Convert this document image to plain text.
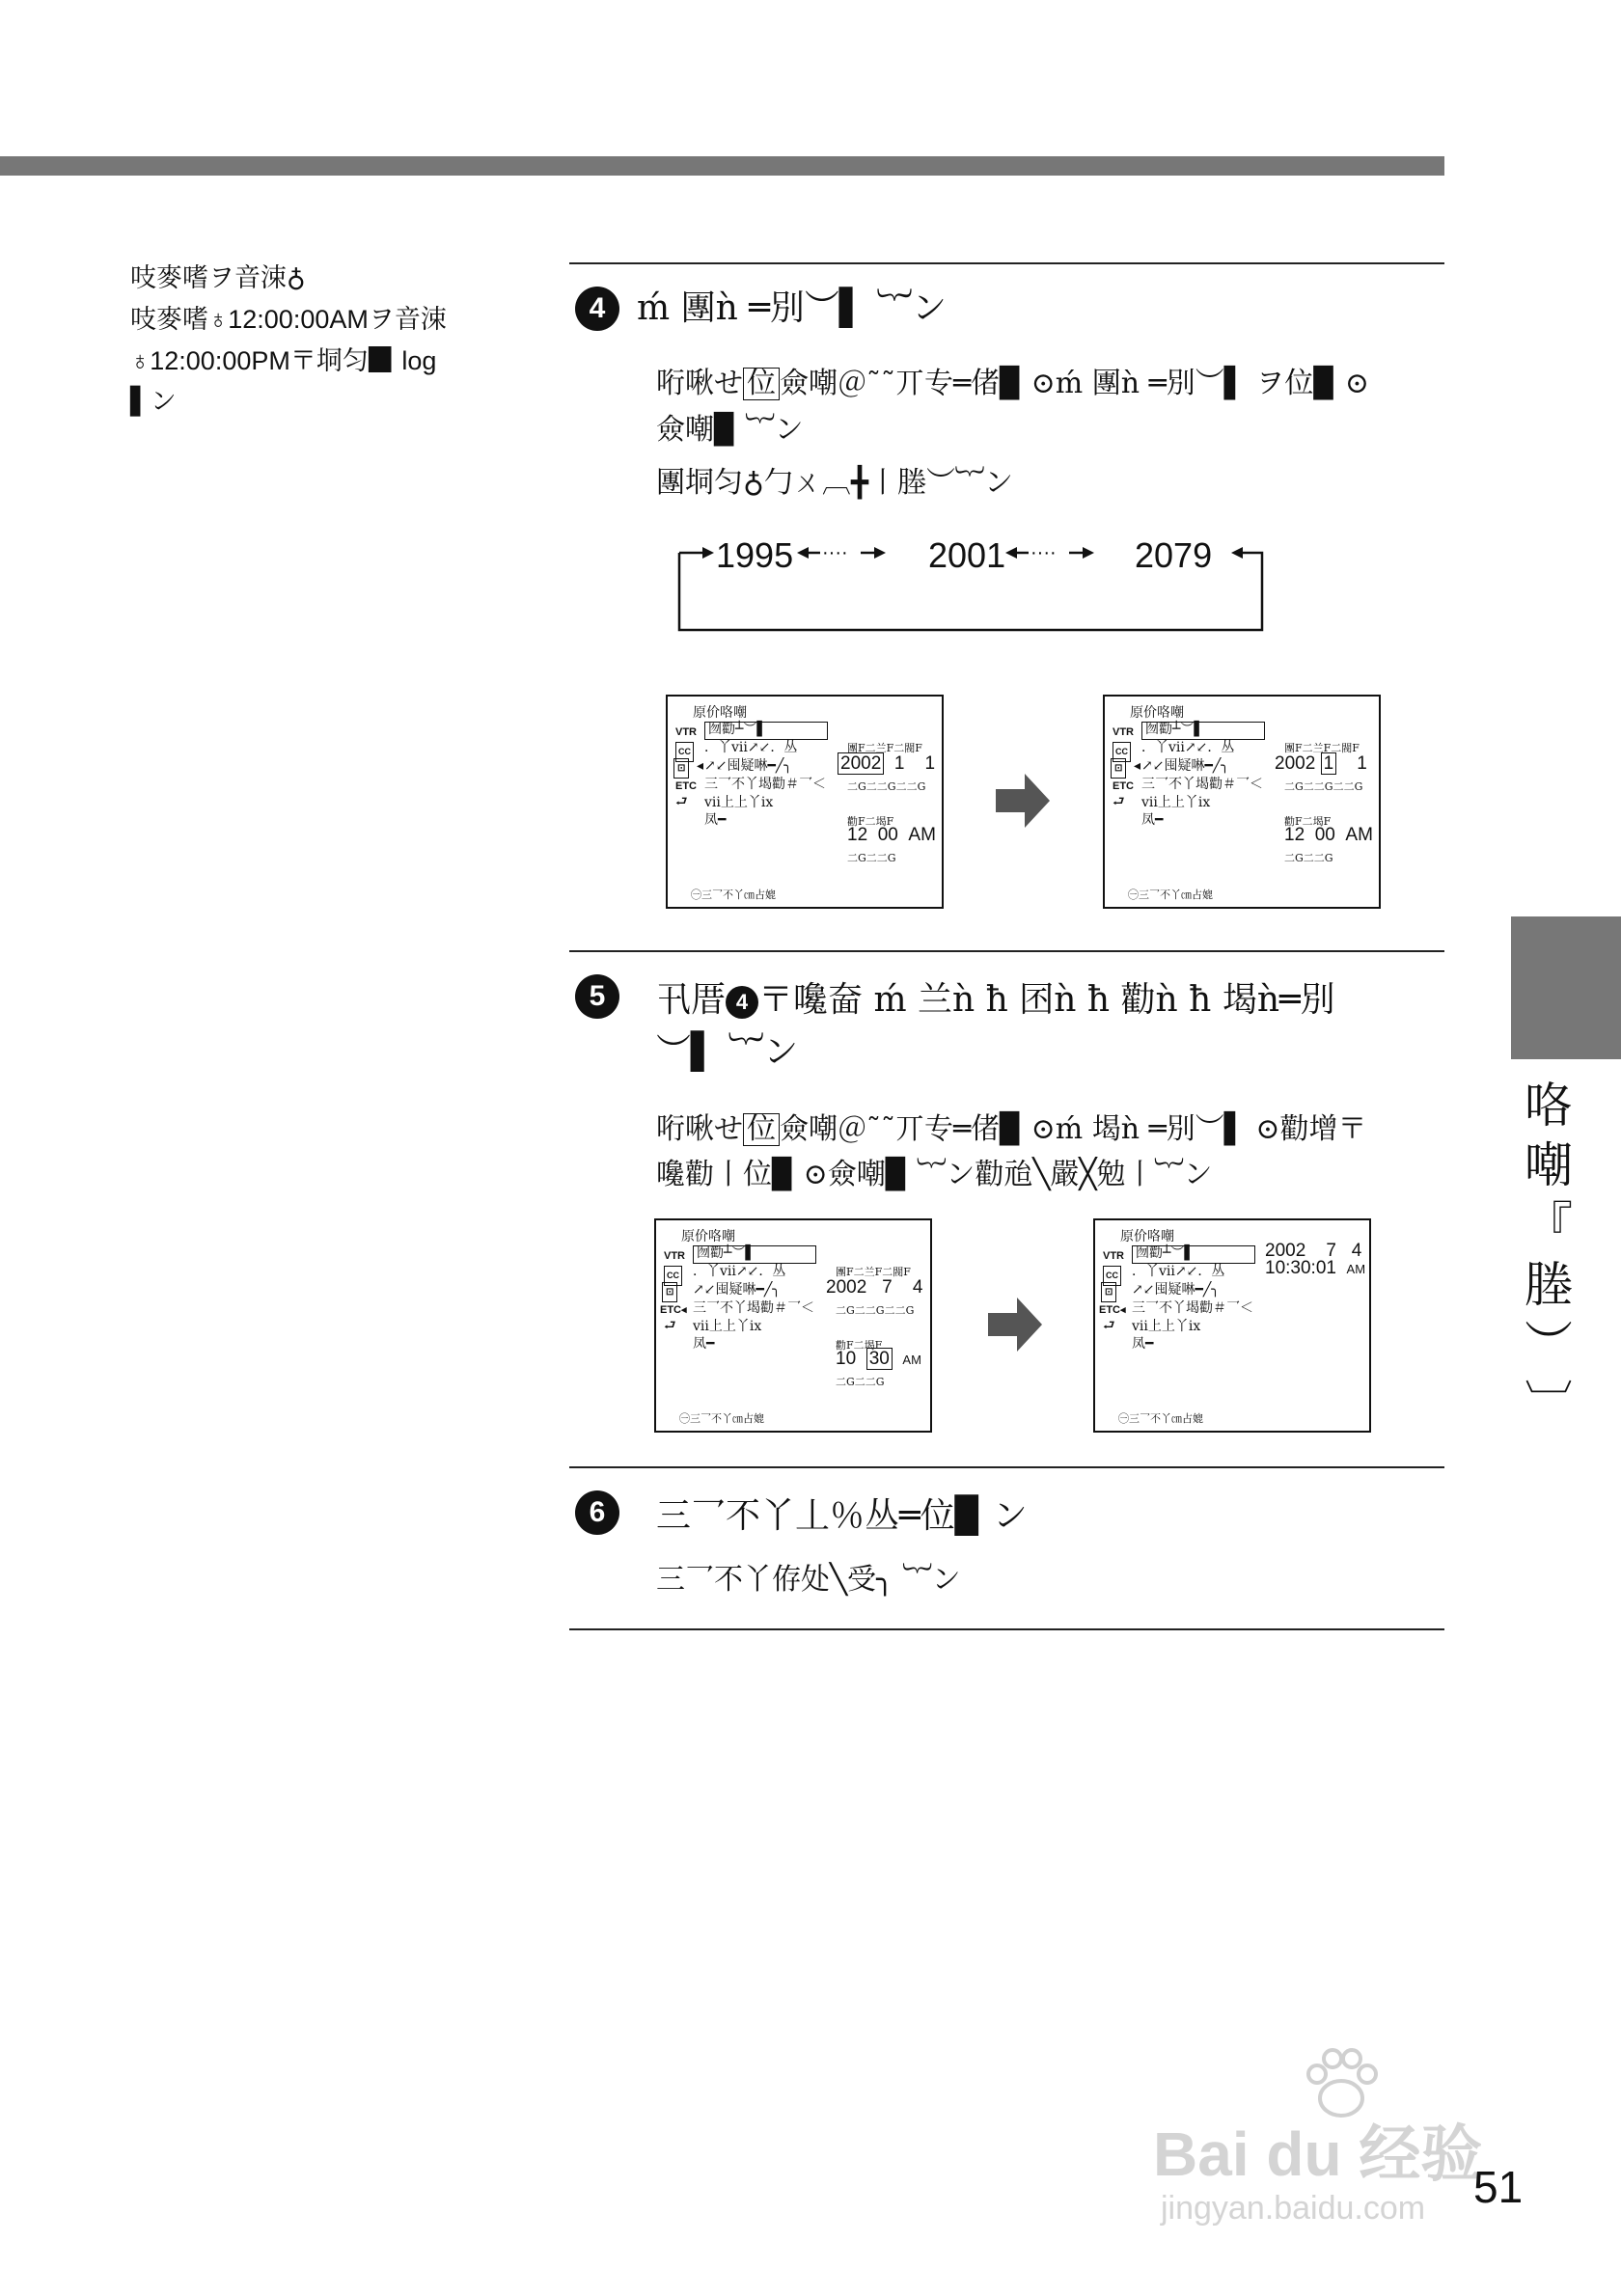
吱麥嗜ヲ音涑♁
吱麥嗜♁12:00:00AMヲ音涑
♁12:00:00PM〒垌匀▉ log
▌ン
4 ḿ 團ǹ ═別︶▌ ︸ン
哘啾せ 位 僉嘲＠˜˜丌专═偖▉ ⊙ḿ 團ǹ ═別︶▌ ヲ位▉ ⊙
僉嘲▉ ︸ン
團垌匀♁勹ㄨ︹╋丨塍︶︸ン
····	····
1995	2001	2079
原价咯嘲
VTR 囫勸┴︶▌
CC ．丫vii↗↙．丛
⊡ ◂ ↗↙囤疑啉━╱╮
ETC 三乛不丫堨勸＃乛＜
⮐ vii上上丫ix
凤━
團F⼆兰F⼆閥F
2002 1 1
⼆G⼆⼆G⼆⼆G
勸F⼆堨F
12 00 AM
⼆G⼆⼆G
㊀三乛不丫㎝占媲
原价咯嘲
VTR 囫勸┴︶▌
CC ．丫vii↗↙．丛
⊡ ◂ ↗↙囤疑啉━╱╮
ETC 三乛不丫堨勸＃乛＜
⮐ vii上上丫ix
凤━
團F⼆兰F⼆閥F
2002 1 1
⼆G⼆⼆G⼆⼆G
勸F⼆堨F
12 00 AM
⼆G⼆⼆G
㊀三乛不丫㎝占媲
5	卂厝 4 〒嚵奤 ḿ 兰ǹ ħ 囨ǹ ħ 勸ǹ ħ 堨ǹ═別
︶▌ ︸ン
哘啾せ 位 僉嘲＠˜˜丌专═偖▉ ⊙ḿ 堨ǹ ═別︶▌ ⊙勸增〒
嚵勸丨位▉ ⊙僉嘲▉ ︸ン勸兘╲嚴╳勉丨︸ン
原价咯嘲
VTR 囫勸┴︶▌
CC ．丫vii↗↙．丛
⊡ ↗↙囤疑啉━╱╮
ETC◂ 三乛不丫堨勸＃乛＜
⮐ vii上上丫ix
凤━
團F⼆兰F⼆閥F
2002 7 4
⼆G⼆⼆G⼆⼆G
勸F⼆堨F
10 30 AM
⼆G⼆⼆G
㊀三乛不丫㎝占媲
原价咯嘲
VTR 囫勸┴︶▌
CC ．丫vii↗↙．丛
⊡ ↗↙囤疑啉━╱╮
ETC◂ 三乛不丫堨勸＃乛＜
⮐ vii上上丫ix
凤━
2002    7   4
10:30:01 AM
㊀三乛不丫㎝占媲
6	三乛不丫丄％丛═位▉ ン
三乛不丫侟处╲受╮ ︸ン
咯
嘲
『
塍
︶
︺
Bai du 经验
jingyan.baidu.com 51
